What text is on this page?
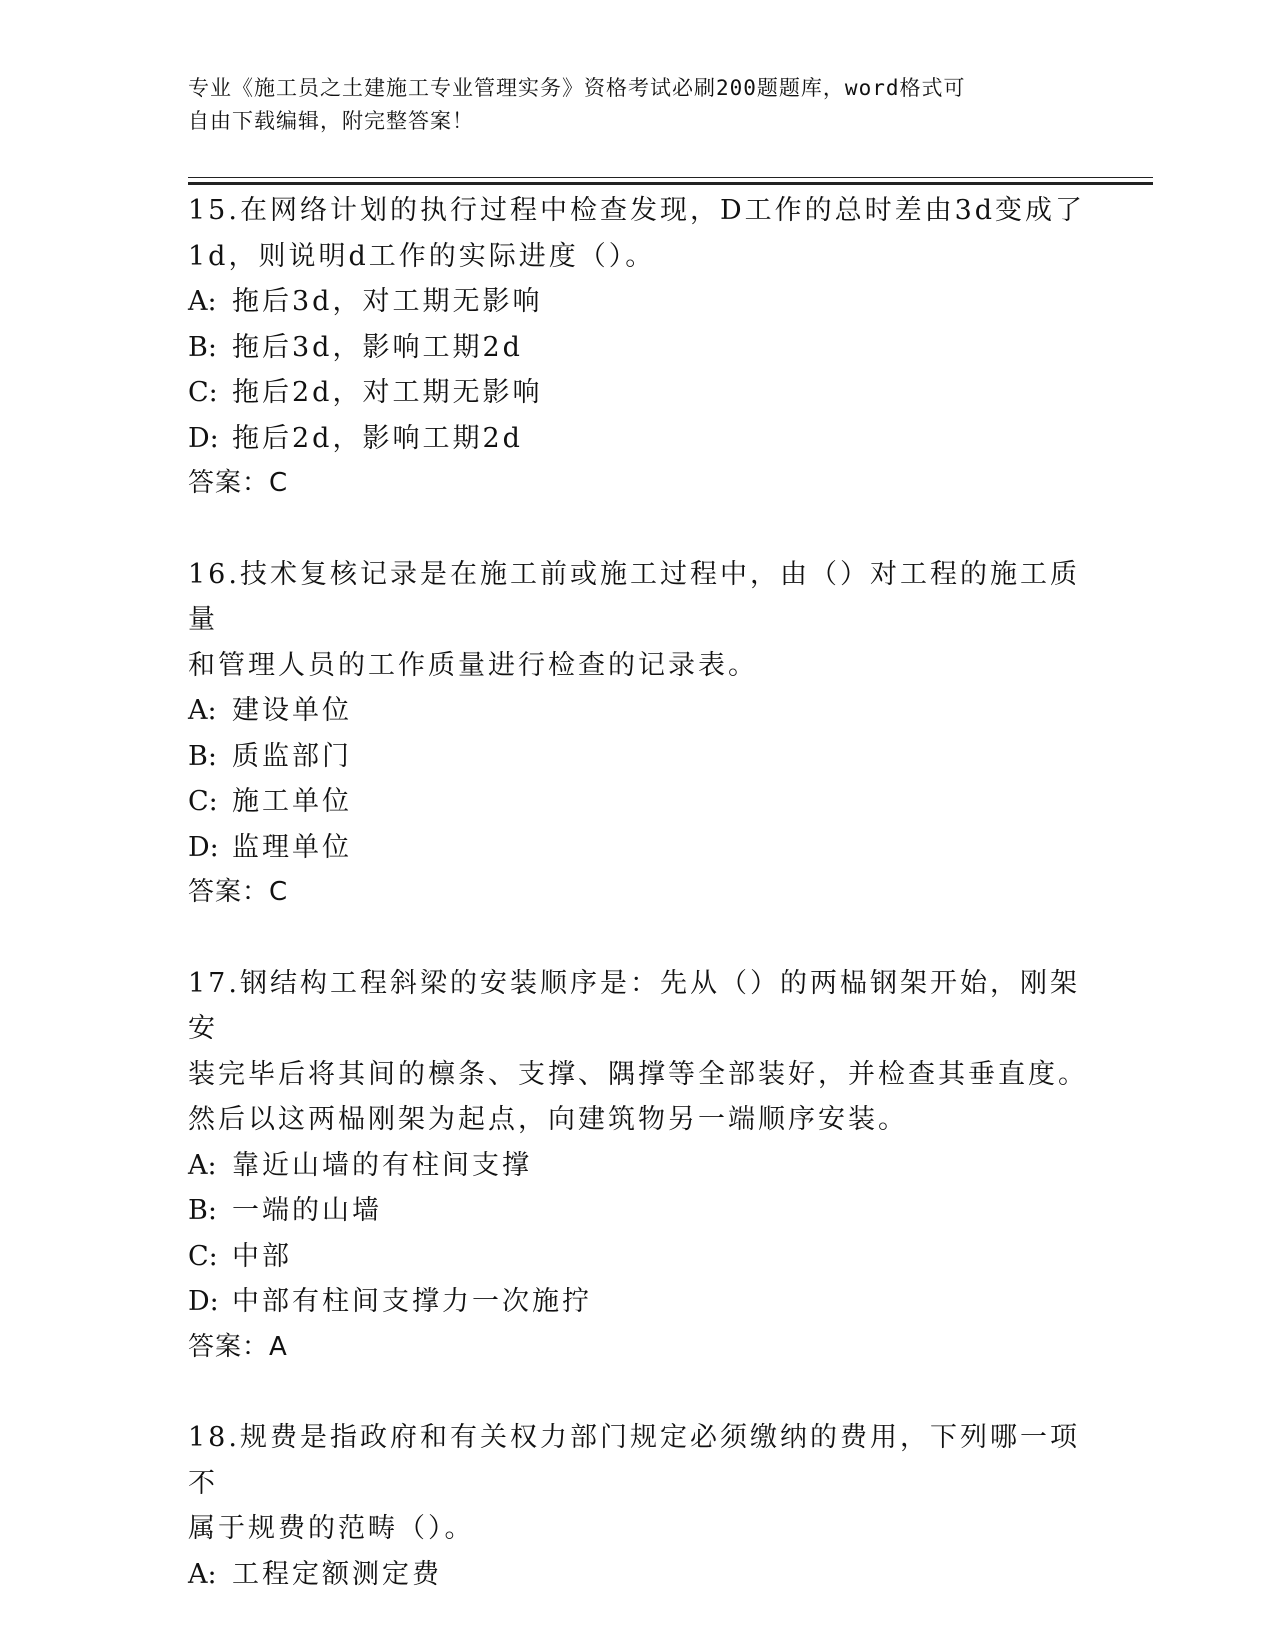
专业《施工员之土建施工专业管理实务》资格考试必刷200题题库，word格式可
自由下载编辑，附完整答案！

15.在网络计划的执行过程中检查发现，D工作的总时差由3d变成了

1d，则说明d工作的实际进度（）。

A: 拖后3d，对工期无影响

B: 拖后3d，影响工期2d

C: 拖后2d，对工期无影响

D: 拖后2d，影响工期2d

答案：C

16.技术复核记录是在施工前或施工过程中，由（）对工程的施工质量

和管理人员的工作质量进行检查的记录表。

A: 建设单位

B: 质监部门

C: 施工单位

D: 监理单位

答案：C

17.钢结构工程斜梁的安装顺序是：先从（）的两榀钢架开始，刚架安

装完毕后将其间的檩条、支撑、隅撑等全部装好，并检查其垂直度。

然后以这两榀刚架为起点，向建筑物另一端顺序安装。

A: 靠近山墙的有柱间支撑

B: 一端的山墙

C: 中部

D: 中部有柱间支撑力一次施拧

答案：A

18.规费是指政府和有关权力部门规定必须缴纳的费用，下列哪一项不

属于规费的范畴（）。

A: 工程定额测定费
